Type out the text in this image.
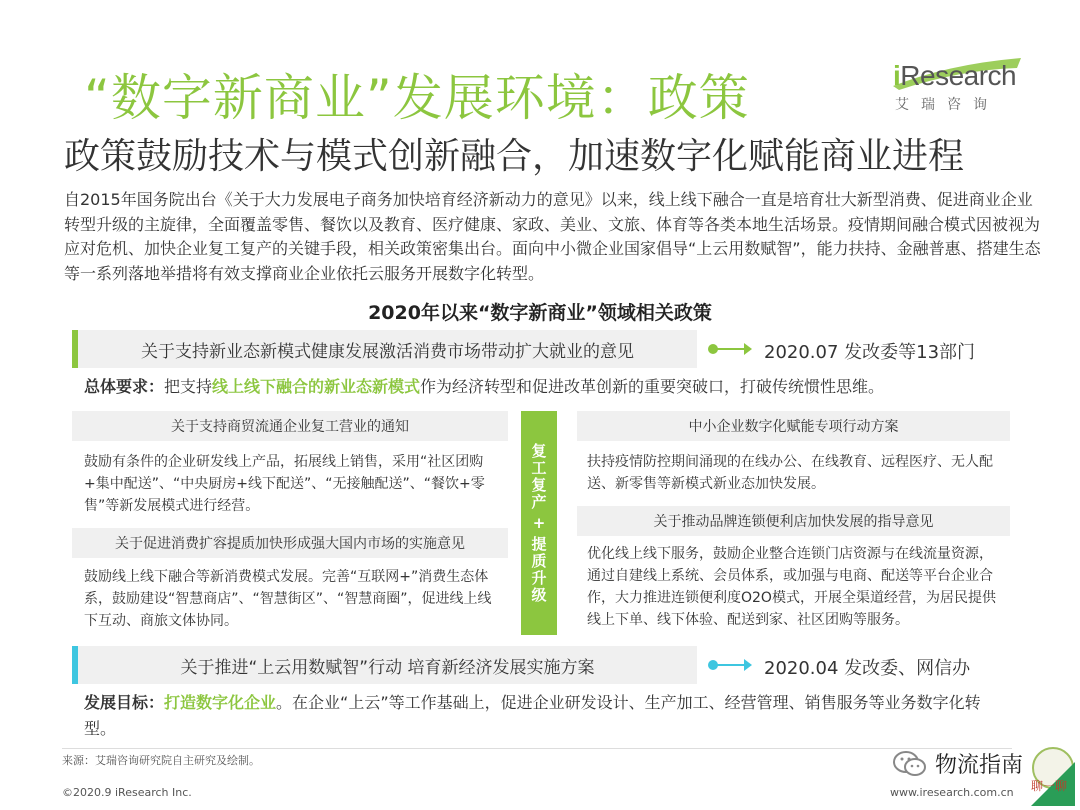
“数字新商业”发展环境：政策	iResearch
艾瑞咨询
政策鼓励技术与模式创新融合，加速数字化赋能商业进程
自2015年国务院出台《关于大力发展电子商务加快培育经济新动力的意见》以来，线上线下融合一直是培育壮大新型消费、促进商业企业转型升级的主旋律，全面覆盖零售、餐饮以及教育、医疗健康、家政、美业、文旅、体育等各类本地生活场景。疫情期间融合模式因被视为应对危机、加快企业复工复产的关键手段，相关政策密集出台。面向中小微企业国家倡导“上云用数赋智”，能力扶持、金融普惠、搭建生态等一系列落地举措将有效支撑商业企业依托云服务开展数字化转型。
2020年以来“数字新商业”领域相关政策
关于支持新业态新模式健康发展激活消费市场带动扩大就业的意见	2020.07 发改委等13部门
总体要求：把支持线上线下融合的新业态新模式作为经济转型和促进改革创新的重要突破口，打破传统惯性思维。
关于支持商贸流通企业复工营业的通知
鼓励有条件的企业研发线上产品，拓展线上销售，采用“社区团购+集中配送”、“中央厨房+线下配送”、“无接触配送”、“餐饮+零售”等新发展模式进行经营。
关于促进消费扩容提质加快形成强大国内市场的实施意见
鼓励线上线下融合等新消费模式发展。完善“互联网+”消费生态体系，鼓励建设“智慧商店”、“智慧街区”、“智慧商圈”，促进线上线下互动、商旅文体协同。
复
工
复
产
+
提
质
升
级
中小企业数字化赋能专项行动方案
扶持疫情防控期间涌现的在线办公、在线教育、远程医疗、无人配送、新零售等新模式新业态加快发展。
关于推动品牌连锁便利店加快发展的指导意见
优化线上线下服务，鼓励企业整合连锁门店资源与在线流量资源，通过自建线上系统、会员体系，或加强与电商、配送等平台企业合作，大力推进连锁便利度O2O模式，开展全渠道经营，为居民提供线上下单、线下体验、配送到家、社区团购等服务。
关于推进“上云用数赋智”行动 培育新经济发展实施方案	2020.04 发改委、网信办
发展目标：打造数字化企业。在企业“上云”等工作基础上，促进企业研发设计、生产加工、经营管理、销售服务等业务数字化转型。
来源：艾瑞咨询研究院自主研究及绘制。
©2020.9 iResearch Inc.	www.iresearch.com.cn
物流指南
聊一聊
